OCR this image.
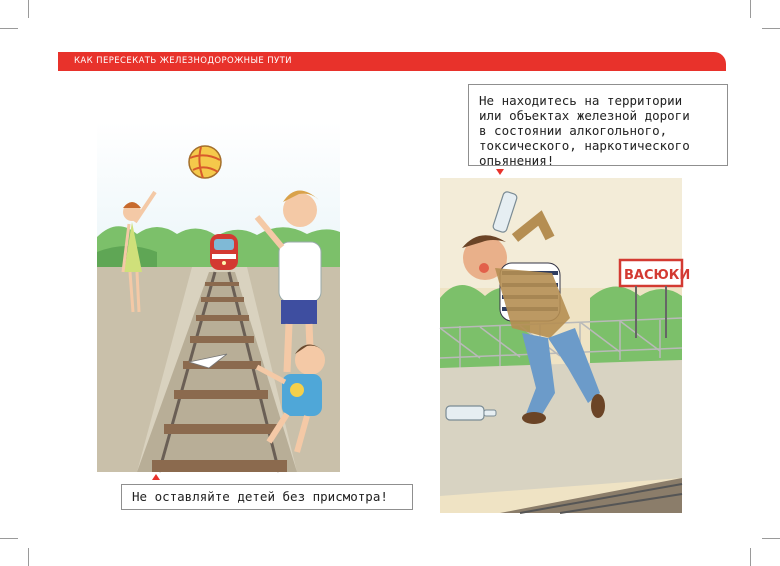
КАК ПЕРЕСЕКАТЬ ЖЕЛЕЗНОДОРОЖНЫЕ ПУТИ
Не находитесь на территории
или объектах железной дороги
в состоянии алкогольного,
токсического, наркотического
опьянения!
Не оставляйте детей без присмотра!
ВАСЮКИ
